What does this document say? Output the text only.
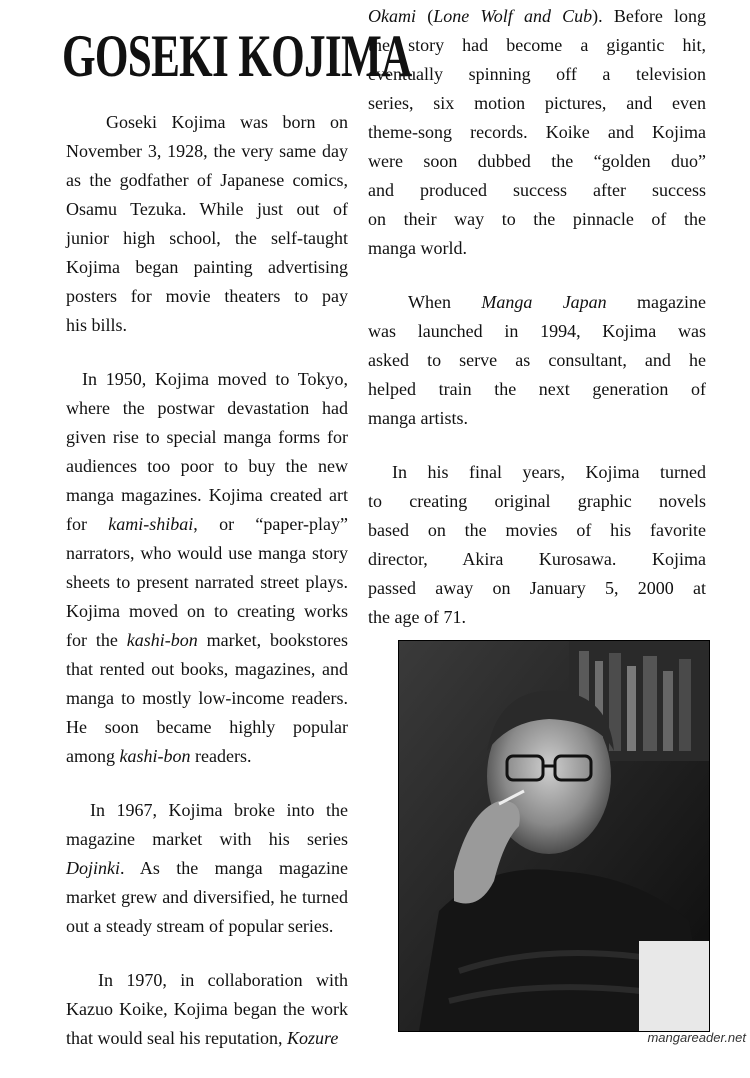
GOSEKI KOJIMA

Goseki Kojima was born on
November 3, 1928, the very same day
as the godfather of Japanese comics,
Osamu Tezuka. While just out of
junior high school, the self-taught
Kojima began painting advertising
posters for movie theaters to pay
his bills.

In 1950, Kojima moved to Tokyo,
where the postwar devastation had
given rise to special manga forms for
audiences too poor to buy the new
manga magazines. Kojima created art
for kami-shibai, or “paper-play”
narrators, who would use manga story
sheets to present narrated street plays.
Kojima moved on to creating works
for the kashi-bon market, bookstores
that rented out books, magazines, and
manga to mostly low-income readers.
He soon became highly popular
among kashi-bon readers.

In 1967, Kojima broke into the
magazine market with his series
Dojinki. As the manga magazine
market grew and diversified, he turned
out a steady stream of popular series.

In 1970, in collaboration with
Kazuo Koike, Kojima began the work
that would seal his reputation, Kozure

Okami (Lone Wolf and Cub). Before long
the story had become a gigantic hit,
eventually spinning off a television
series, six motion pictures, and even
theme-song records. Koike and Kojima
were soon dubbed the “golden duo”
and produced success after success
on their way to the pinnacle of the
manga world.

When Manga Japan magazine
was launched in 1994, Kojima was
asked to serve as consultant, and he
helped train the next generation of
manga artists.

In his final years, Kojima turned
to creating original graphic novels
based on the movies of his favorite
director, Akira Kurosawa. Kojima
passed away on January 5, 2000 at
the age of 71.

mangareader.net
